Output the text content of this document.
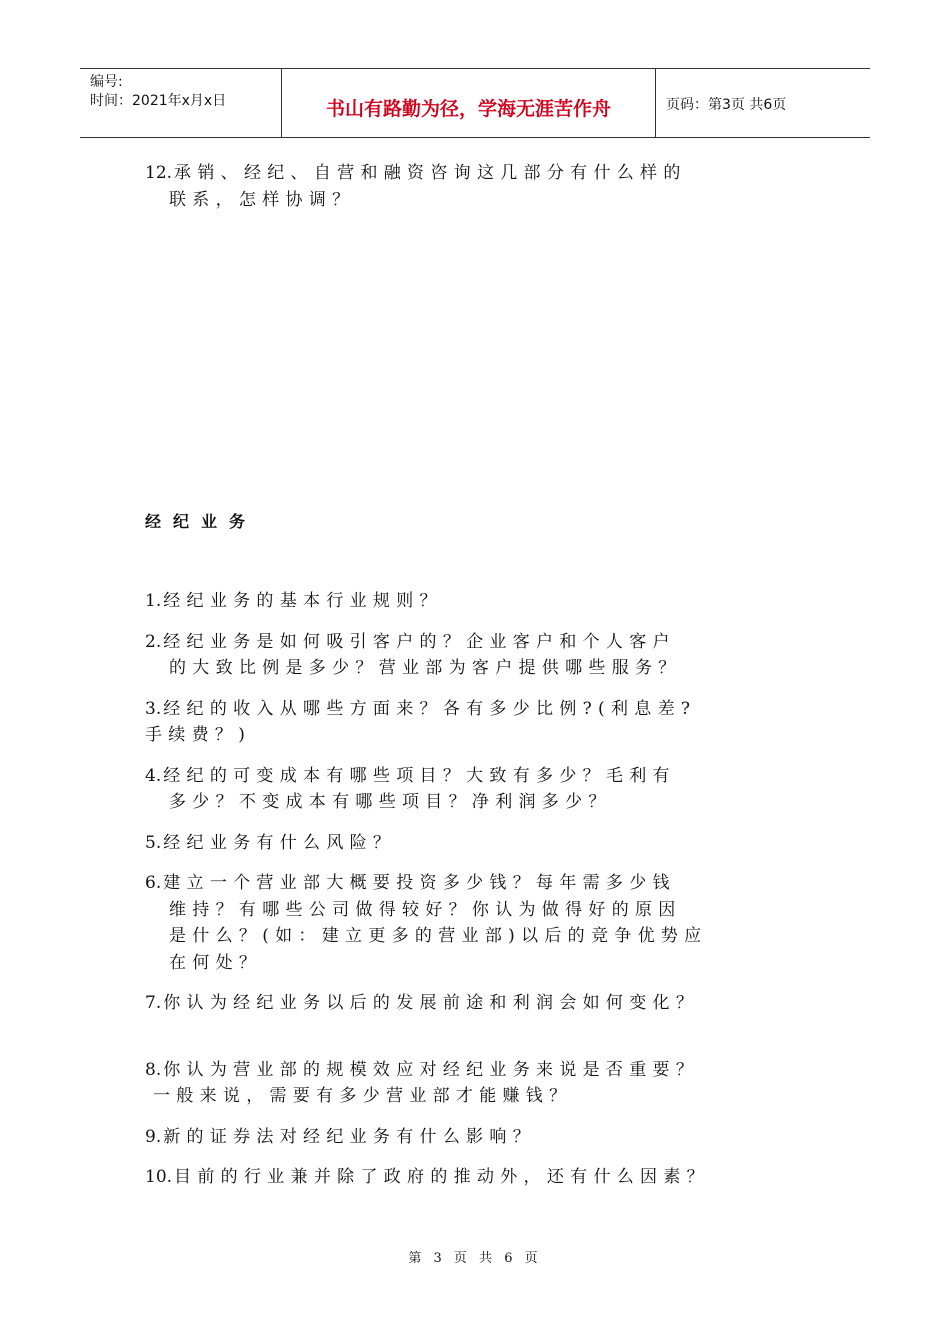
编号:
时间：2021年x月x日	书山有路勤为径，学海无涯苦作舟	页码：第3页 共6页

12. 承销、经纪、自营和融资咨询这几部分有什么样的

联系，怎样协调？

经纪业务

1. 经纪业务的基本行业规则？

2. 经纪业务是如何吸引客户的？企业客户和个人客户

的大致比例是多少？营业部为客户提供哪些服务？

3. 经纪的收入从哪些方面来？各有多少比例?(利息差?

手续费？)

4. 经纪的可变成本有哪些项目？大致有多少？毛利有

多少？不变成本有哪些项目？净利润多少？

5. 经纪业务有什么风险？

6. 建立一个营业部大概要投资多少钱？每年需多少钱

维持？有哪些公司做得较好？你认为做得好的原因

是什么？(如：建立更多的营业部)以后的竞争优势应

在何处？

7. 你认为经纪业务以后的发展前途和利润会如何变化？

8. 你认为营业部的规模效应对经纪业务来说是否重要？

一般来说，需要有多少营业部才能赚钱？

9. 新的证券法对经纪业务有什么影响？

10. 目前的行业兼并除了政府的推动外，还有什么因素？

第 3 页 共 6 页
